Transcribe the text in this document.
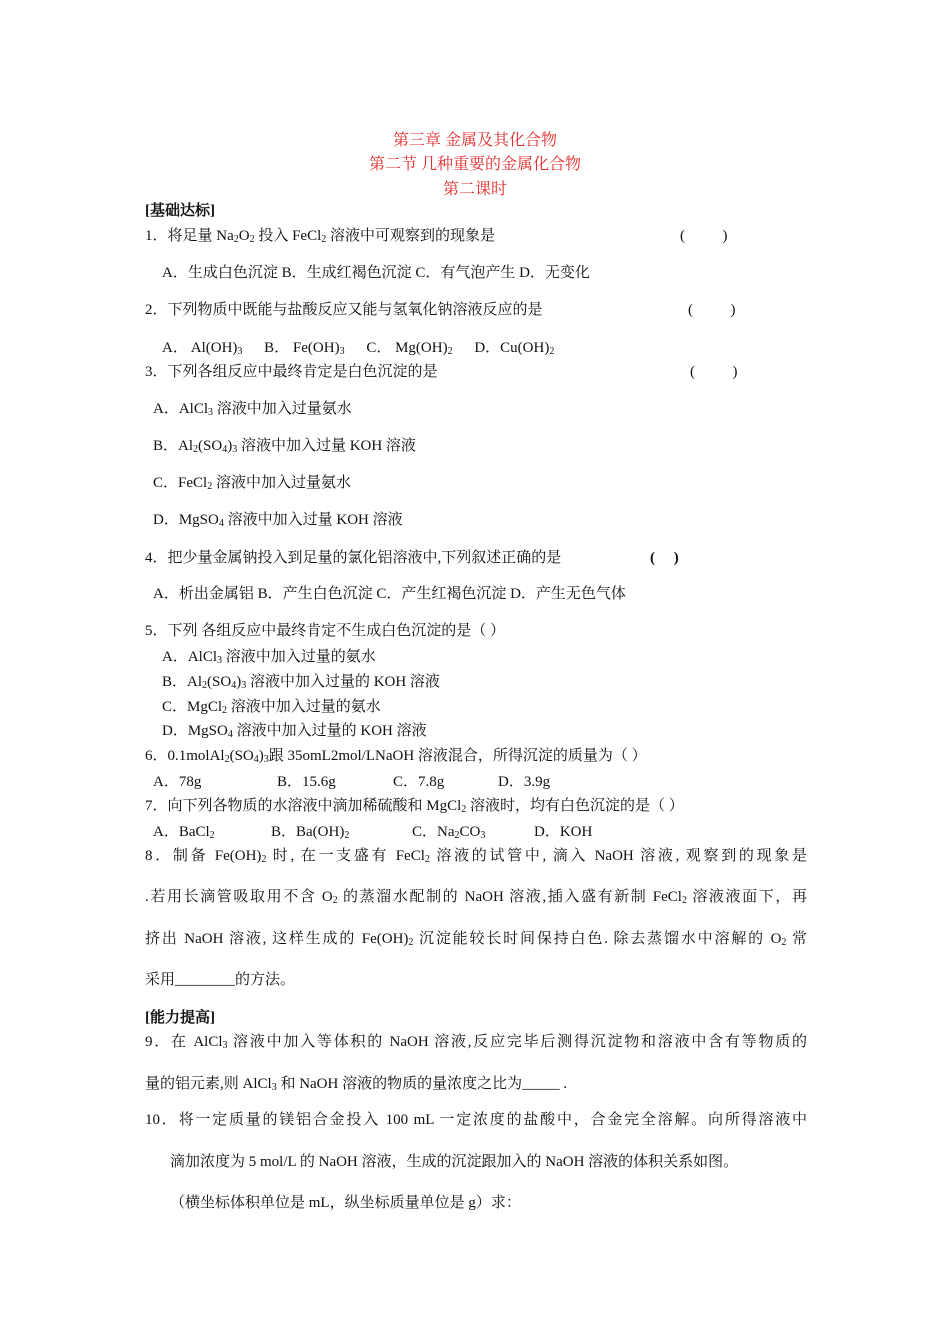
第三章 金属及其化合物
第二节 几种重要的金属化合物
第二课时
[基础达标]
1．将足量 $Na_2O_2$ 投入 FeCl$_2$ 溶液中可观察到的现象是	(          )
A．生成白色沉淀 B．生成红褐色沉淀 C．有气泡产生 D．无变化
2．下列物质中既能与盐酸反应又能与氢氧化钠溶液反应的是	(          )
A． $Al(OH)_3$ B． $Fe(OH)_3$ C． $Mg(OH)_2$ D．$Cu(OH)_2$
3．下列各组反应中最终肯定是白色沉淀的是	(          )
A．AlCl$_3$ 溶液中加入过量氨水
B．$Al_2(SO_4)_3$ 溶液中加入过量 KOH 溶液
C．FeCl$_2$ 溶液中加入过量氨水
D．MgSO$_4$ 溶液中加入过量 KOH 溶液
4．把少量金属钠投入到足量的氯化铝溶液中,下列叙述正确的是	(     )
A．析出金属铝 B．产生白色沉淀 C．产生红褐色沉淀 D．产生无色气体
5．下列 各组反应中最终肯定不生成白色沉淀的是（ ）
A．AlCl$_3$ 溶液中加入过量的氨水
B．$Al_2(SO_4)_3$ 溶液中加入过量的 KOH 溶液
C．MgCl$_2$ 溶液中加入过量的氨水
D．MgSO$_4$ 溶液中加入过量的 KOH 溶液
6．$0.1molAl_2(SO_4)_3$跟 35omL2mol/LNaOH 溶液混合，所得沉淀的质量为（ ）
A．78g	B．15.6g	C．7.8g	D．3.9g
7．向下列各物质的水溶液中滴加稀硫酸和 MgCl$_2$ 溶液时，均有白色沉淀的是（ ）
A．BaCl$_2$	B．$Ba(OH)_2$	C．$Na_2CO_3$	D．KOH
8．制备 $Fe(OH)_2$ 时, 在一支盛有 FeCl$_2$ 溶液的试管中, 滴入 NaOH 溶液, 观察到的现象是
.若用长滴管吸取用不含 $O_2$ 的蒸溜水配制的 NaOH 溶液,插入盛有新制 FeCl$_2$ 溶液液面下，再
挤出 NaOH 溶液, 这样生成的 $Fe(OH)_2$ 沉淀能较长时间保持白色. 除去蒸馏水中溶解的 $O_2$ 常
采用________的方法。
[能力提高]
9．在 AlCl$_3$ 溶液中加入等体积的 NaOH 溶液,反应完毕后测得沉淀物和溶液中含有等物质的
量的铝元素,则 AlCl$_3$ 和 NaOH 溶液的物质的量浓度之比为_____ .
10．将一定质量的镁铝合金投入 100 mL 一定浓度的盐酸中，合金完全溶解。向所得溶液中
滴加浓度为 5 mol/L 的 NaOH 溶液，生成的沉淀跟加入的 NaOH 溶液的体积关系如图。
（横坐标体积单位是 mL，纵坐标质量单位是 g）求：
